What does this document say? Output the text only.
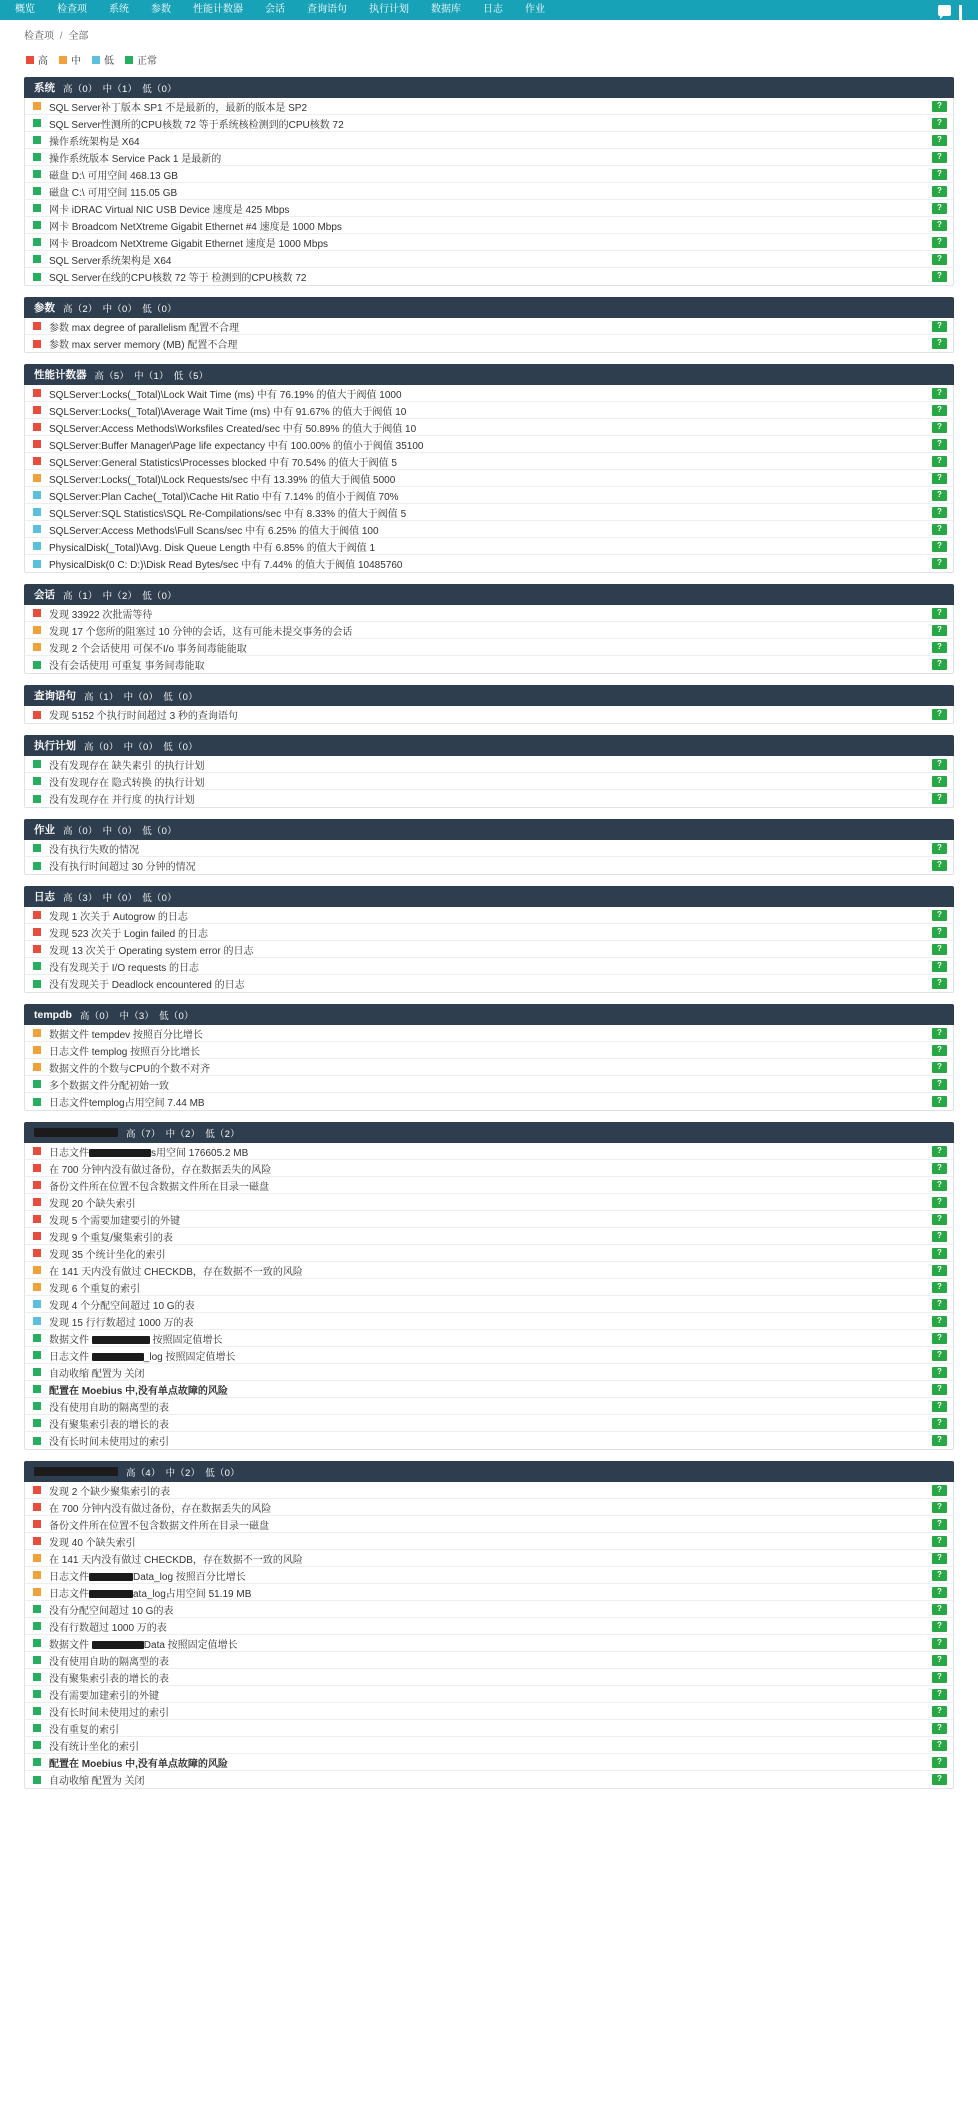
概览	检查项	系统	参数	性能计数器	会话	查询语句	执行计划	数据库	日志	作业
检查项 / 全部
高 中 低 正常
系统 高（0） 中（1） 低（0）
SQL Server补丁版本 SP1 不是最新的，最新的版本是 SP2
?
SQL Server性测所的CPU核数 72 等于系统核检测到的CPU核数 72
?
操作系统架构是 X64
?
操作系统版本 Service Pack 1 是最新的
?
磁盘 D:\ 可用空间 468.13 GB
?
磁盘 C:\ 可用空间 115.05 GB
?
网卡 iDRAC Virtual NIC USB Device 速度是 425 Mbps
?
网卡 Broadcom NetXtreme Gigabit Ethernet #4 速度是 1000 Mbps
?
网卡 Broadcom NetXtreme Gigabit Ethernet 速度是 1000 Mbps
?
SQL Server系统架构是 X64
?
SQL Server在线的CPU核数 72 等于 检测到的CPU核数 72
?
参数 高（2） 中（0） 低（0）
参数 max degree of parallelism 配置不合理
?
参数 max server memory (MB) 配置不合理
?
性能计数器 高（5） 中（1） 低（5）
SQLServer:Locks(_Total)\Lock Wait Time (ms) 中有 76.19% 的值大于阀值 1000
?
SQLServer:Locks(_Total)\Average Wait Time (ms) 中有 91.67% 的值大于阀值 10
?
SQLServer:Access Methods\Worksfiles Created/sec 中有 50.89% 的值大于阀值 10
?
SQLServer:Buffer Manager\Page life expectancy 中有 100.00% 的值小于阀值 35100
?
SQLServer:General Statistics\Processes blocked 中有 70.54% 的值大于阀值 5
?
SQLServer:Locks(_Total)\Lock Requests/sec 中有 13.39% 的值大于阀值 5000
?
SQLServer:Plan Cache(_Total)\Cache Hit Ratio 中有 7.14% 的值小于阀值 70%
?
SQLServer:SQL Statistics\SQL Re-Compilations/sec 中有 8.33% 的值大于阀值 5
?
SQLServer:Access Methods\Full Scans/sec 中有 6.25% 的值大于阀值 100
?
PhysicalDisk(_Total)\Avg. Disk Queue Length 中有 6.85% 的值大于阀值 1
?
PhysicalDisk(0 C: D:)\Disk Read Bytes/sec 中有 7.44% 的值大于阀值 10485760
?
会话 高（1） 中（2） 低（0）
发现 33922 次批需等待
?
发现 17 个您所的阻塞过 10 分钟的会话，这有可能未提交事务的会话
?
发现 2 个会话使用 可保不I/o 事务间毒能能取
?
没有会话使用 可重复 事务间毒能取
?
查询语句 高（1） 中（0） 低（0）
发现 5152 个执行时间超过 3 秒的查询语句
?
执行计划 高（0） 中（0） 低（0）
没有发现存在 缺失素引 的执行计划
?
没有发现存在 隐式转换 的执行计划
?
没有发现存在 并行度 的执行计划
?
作业 高（0） 中（0） 低（0）
没有执行失败的情况
?
没有执行时间超过 30 分钟的情况
?
日志 高（3） 中（0） 低（0）
发现 1 次关于 Autogrow 的日志
?
发现 523 次关于 Login failed 的日志
?
发现 13 次关于 Operating system error 的日志
?
没有发现关于 I/O requests 的日志
?
没有发现关于 Deadlock encountered 的日志
?
tempdb 高（0） 中（3） 低（0）
数据文件 tempdev 按照百分比增长
?
日志文件 templog 按照百分比增长
?
数据文件的个数与CPU的个数不对齐
?
多个数据文件分配初始一致
?
日志文件templog占用空间 7.44 MB
?
高（7） 中（2） 低（2）
日志文件	s用空间 176605.2 MB
?
在 700 分钟内没有做过备份，存在数据丢失的风险
?
备份文件所在位置不包含数据文件所在目录一磁盘
?
发现 20 个缺失索引
?
发现 5 个需要加建要引的外键
?
发现 9 个重复/聚集索引的表
?
发现 35 个统计坐化的索引
?
在 141 天内没有做过 CHECKDB，存在数据不一致的风险
?
发现 6 个重复的索引
?
发现 4 个分配空间超过 10 G的表
?
发现 15 行行数超过 1000 万的表
?
数据文件	按照固定值增长
?
日志文件	_log 按照固定值增长
?
自动收缩 配置为 关闭
?
配置在 Moebius 中,没有单点故障的风险
?
没有使用自助的隔离型的表
?
没有聚集索引表的增长的表
?
没有长时间未使用过的索引
?
高（4） 中（2） 低（0）
发现 2 个缺少聚集索引的表
?
在 700 分钟内没有做过备份，存在数据丢失的风险
?
备份文件所在位置不包含数据文件所在目录一磁盘
?
发现 40 个缺失索引
?
在 141 天内没有做过 CHECKDB，存在数据不一致的风险
?
日志文件	Data_log 按照百分比增长
?
日志文件	ata_log占用空间 51.19 MB
?
没有分配空间超过 10 G的表
?
没有行数超过 1000 万的表
?
数据文件	Data 按照固定值增长
?
没有使用自助的隔离型的表
?
没有聚集索引表的增长的表
?
没有需要加建索引的外键
?
没有长时间未使用过的索引
?
没有重复的索引
?
没有统计坐化的索引
?
配置在 Moebius 中,没有单点故障的风险
?
自动收缩 配置为 关闭
?
